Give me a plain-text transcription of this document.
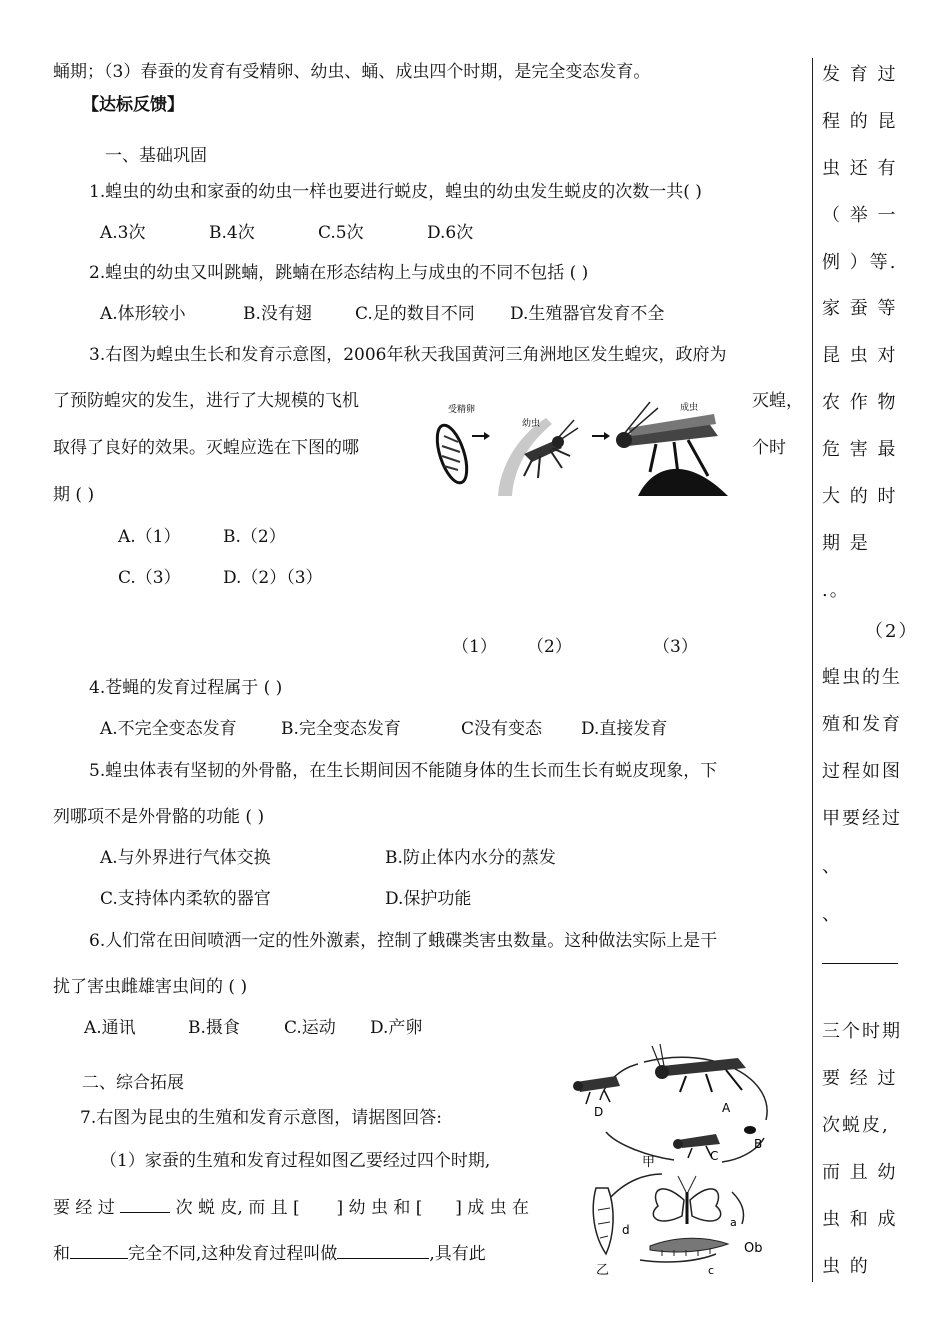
蛹期；（3）春蚕的发育有受精卵、幼虫、蛹、成虫四个时期，是完全变态发育。
【达标反馈】
一、基础巩固
1.蝗虫的幼虫和家蚕的幼虫一样也要进行蜕皮，蝗虫的幼虫发生蜕皮的次数一共( )
A.3次	B.4次	C.5次	D.6次
2.蝗虫的幼虫又叫跳蝻，跳蝻在形态结构上与成虫的不同不包括 ( )
A.体形较小	B.没有翅	C.足的数目不同 D.生殖器官发育不全
3.右图为蝗虫生长和发育示意图，2006年秋天我国黄河三角洲地区发生蝗灾，政府为
了预防蝗灾的发生，进行了大规模的飞机	灭蝗，
取得了良好的效果。灭蝗应选在下图的哪	个时
期 ( )
A.（1）	B.（2）
C.（3） D.（2）（3）
受精卵
幼虫
成虫
（1） （2）	（3）
4.苍蝇的发育过程属于 ( )
A.不完全变态发育	B.完全变态发育	C没有变态 D.直接发育
5.蝗虫体表有坚韧的外骨骼，在生长期间因不能随身体的生长而生长有蜕皮现象，下
列哪项不是外骨骼的功能 ( )
A.与外界进行气体交换	B.防止体内水分的蒸发
C.支持体内柔软的器官	D.保护功能
6.人们常在田间喷洒一定的性外激素，控制了蛾碟类害虫数量。这种做法实际上是干
扰了害虫雌雄害虫间的 ( )
A.通讯	B.摄食	C.运动 D.产卵
二、综合拓展
7.右图为昆虫的生殖和发育示意图，请据图回答:
（1）家蚕的生殖和发育过程如图乙要经过四个时期,
要 经 过	次 蜕 皮, 而 且 [ ] 幼 虫 和 [ ] 成 虫 在
和	完全不同,这种发育过程叫做	,具有此
A
B
C
D
甲
d
a
Ob
c
乙
发 育 过
程 的 昆
虫 还 有
（ 举 一
例 ）等.
家 蚕 等
昆 虫 对
农 作 物
危 害 最
大 的 时
期 是
.。
（2）
蝗虫的生
殖和发育
过程如图
甲要经过
、
、
三个时期
要 经 过
次蜕皮,
而 且 幼
虫 和 成
虫 的
